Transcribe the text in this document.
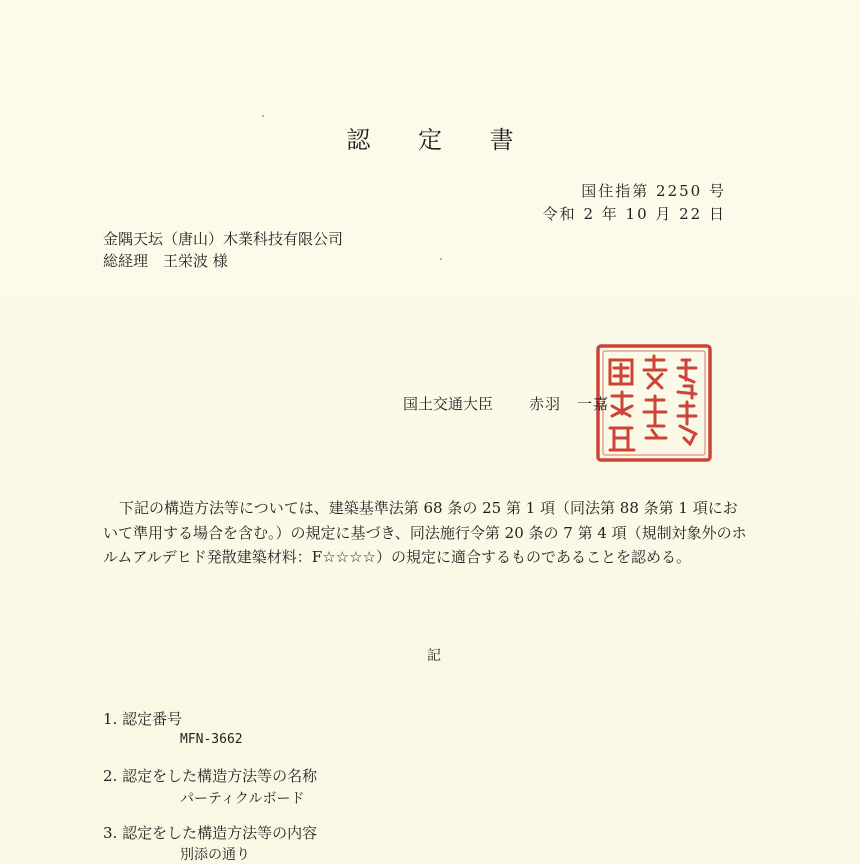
認 定 書
国住指第 2250 号
令和 2 年 10 月 22 日
金隅天坛（唐山）木業科技有限公司
総経理　王栄波 様
国土交通大臣 赤羽　一嘉
下記の構造方法等については、建築基準法第 68 条の 25 第 1 項（同法第 88 条第 1 項において準用する場合を含む。）の規定に基づき、同法施行令第 20 条の 7 第 4 項（規制対象外のホルムアルデヒド発散建築材料：F☆☆☆☆）の規定に適合するものであることを認める。
記
1. 認定番号
MFN-3662
2. 認定をした構造方法等の名称
パーティクルボード
3. 認定をした構造方法等の内容
別添の通り
